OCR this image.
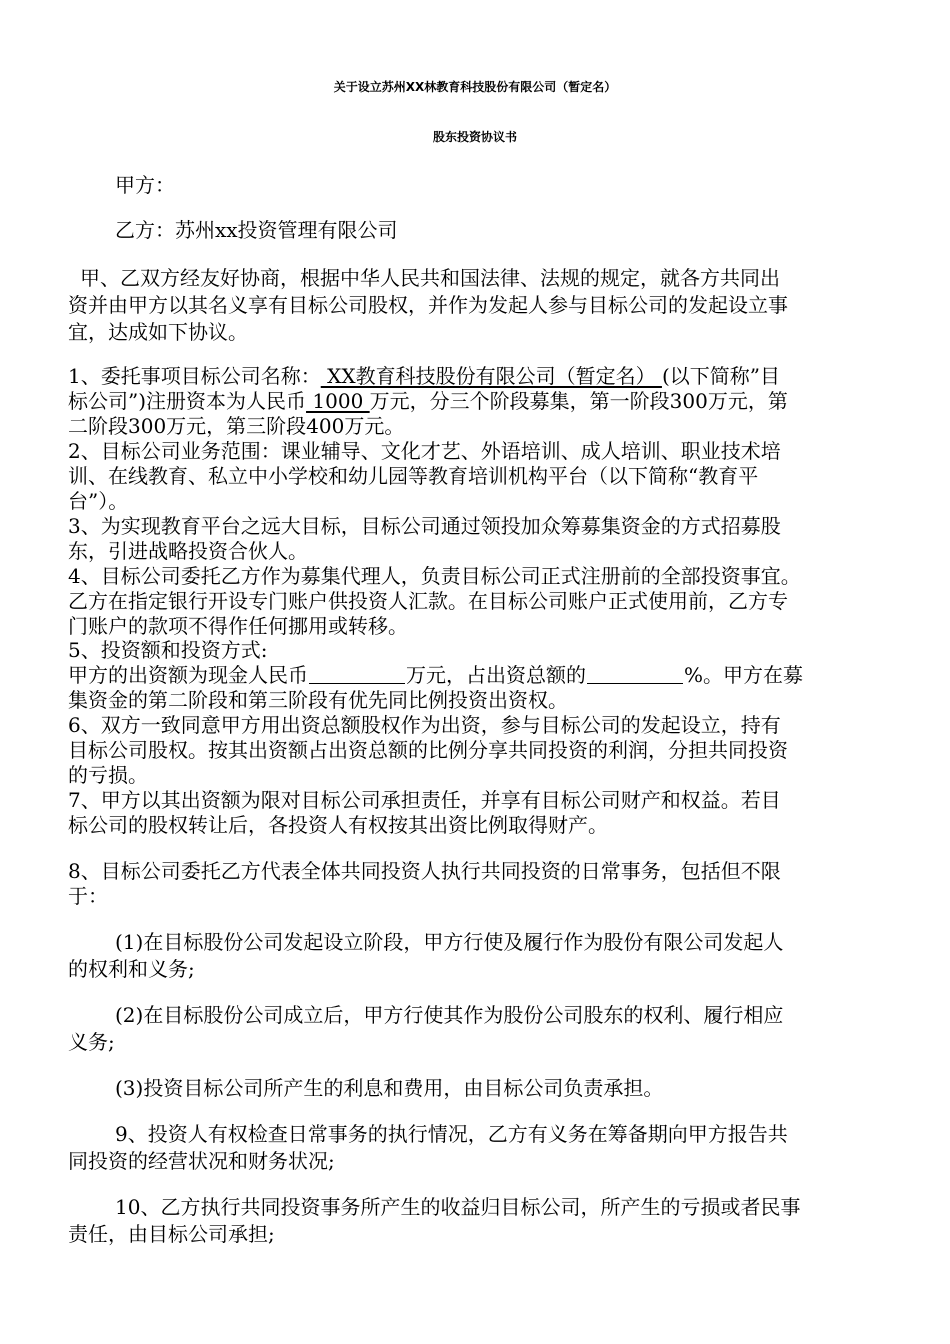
关于设立苏州XX林教育科技股份有限公司（暂定名）
股东投资协议书
甲方：
乙方：苏州xx投资管理有限公司
甲、乙双方经友好协商，根据中华人民共和国法律、法规的规定，就各方共同出
资并由甲方以其名义享有目标公司股权，并作为发起人参与目标公司的发起设立事
宜，达成如下协议。
1、委托事项目标公司名称： XX教育科技股份有限公司（暂定名） (以下简称”目
标公司”)注册资本为人民币 1000 万元，分三个阶段募集，第一阶段300万元，第
二阶段300万元，第三阶段400万元。
2、目标公司业务范围：课业辅导、文化才艺、外语培训、成人培训、职业技术培
训、在线教育、私立中小学校和幼儿园等教育培训机构平台（以下简称“教育平
台”）。
3、为实现教育平台之远大目标，目标公司通过领投加众筹募集资金的方式招募股
东，引进战略投资合伙人。
4、目标公司委托乙方作为募集代理人，负责目标公司正式注册前的全部投资事宜。
乙方在指定银行开设专门账户供投资人汇款。在目标公司账户正式使用前，乙方专
门账户的款项不得作任何挪用或转移。
5、投资额和投资方式:
甲方的出资额为现金人民币	万元，占出资总额的	%。甲方在募
集资金的第二阶段和第三阶段有优先同比例投资出资权。
6、双方一致同意甲方用出资总额股权作为出资，参与目标公司的发起设立，持有
目标公司股权。按其出资额占出资总额的比例分享共同投资的利润，分担共同投资
的亏损。
7、甲方以其出资额为限对目标公司承担责任，并享有目标公司财产和权益。若目
标公司的股权转让后，各投资人有权按其出资比例取得财产。
8、目标公司委托乙方代表全体共同投资人执行共同投资的日常事务，包括但不限
于：
(1)在目标股份公司发起设立阶段，甲方行使及履行作为股份有限公司发起人
的权利和义务;
(2)在目标股份公司成立后，甲方行使其作为股份公司股东的权利、履行相应
义务;
(3)投资目标公司所产生的利息和费用，由目标公司负责承担。
9、投资人有权检查日常事务的执行情况，乙方有义务在筹备期向甲方报告共
同投资的经营状况和财务状况;
10、乙方执行共同投资事务所产生的收益归目标公司，所产生的亏损或者民事
责任，由目标公司承担;
